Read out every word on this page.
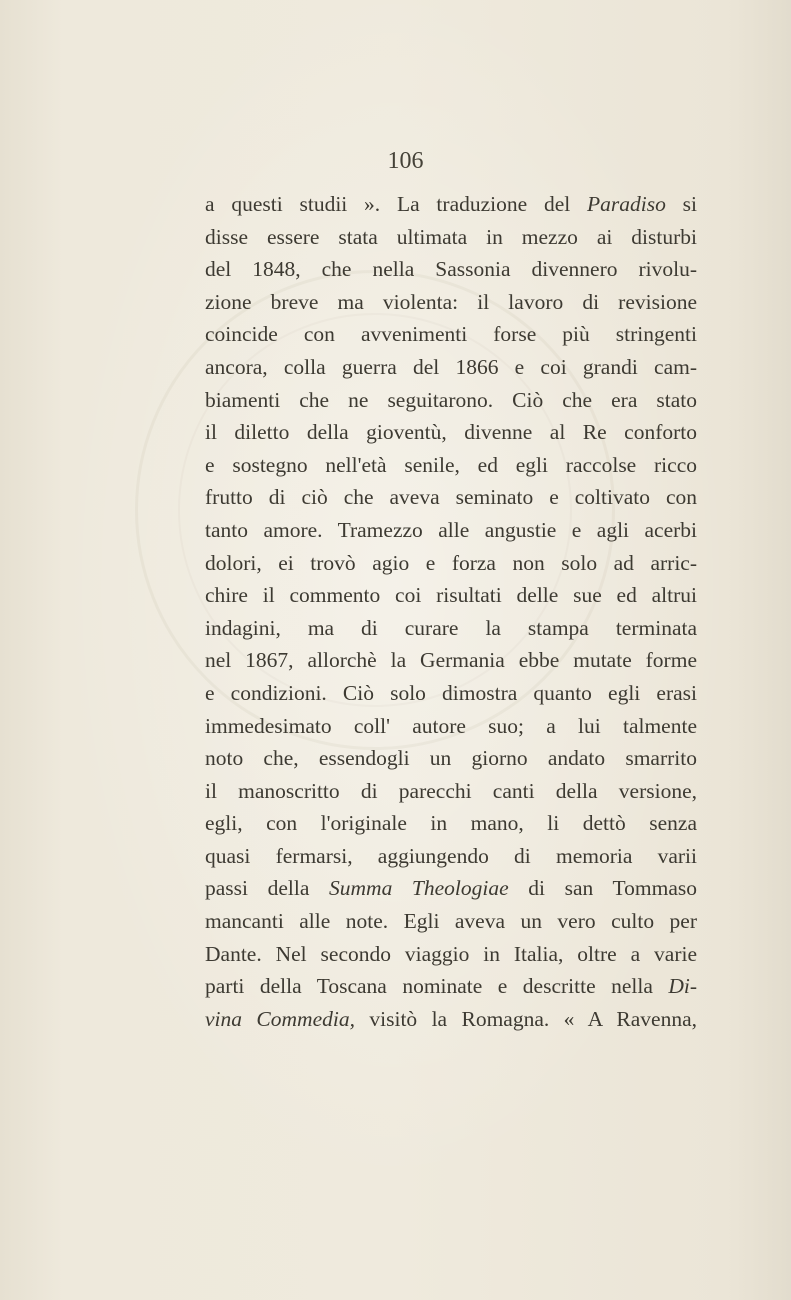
106
a questi studii ». La traduzione del Paradiso si
disse essere stata ultimata in mezzo ai disturbi
del 1848, che nella Sassonia divennero rivolu-
zione breve ma violenta: il lavoro di revisione
coincide con avvenimenti forse più stringenti
ancora, colla guerra del 1866 e coi grandi cam-
biamenti che ne seguitarono. Ciò che era stato
il diletto della gioventù, divenne al Re conforto
e sostegno nell'età senile, ed egli raccolse ricco
frutto di ciò che aveva seminato e coltivato con
tanto amore. Tramezzo alle angustie e agli acerbi
dolori, ei trovò agio e forza non solo ad arric-
chire il commento coi risultati delle sue ed altrui
indagini, ma di curare la stampa terminata
nel 1867, allorchè la Germania ebbe mutate forme
e condizioni. Ciò solo dimostra quanto egli erasi
immedesimato coll' autore suo; a lui talmente
noto che, essendogli un giorno andato smarrito
il manoscritto di parecchi canti della versione,
egli, con l'originale in mano, li dettò senza
quasi fermarsi, aggiungendo di memoria varii
passi della Summa Theologiae di san Tommaso
mancanti alle note. Egli aveva un vero culto per
Dante. Nel secondo viaggio in Italia, oltre a varie
parti della Toscana nominate e descritte nella Di-
vina Commedia, visitò la Romagna. « A Ravenna,
